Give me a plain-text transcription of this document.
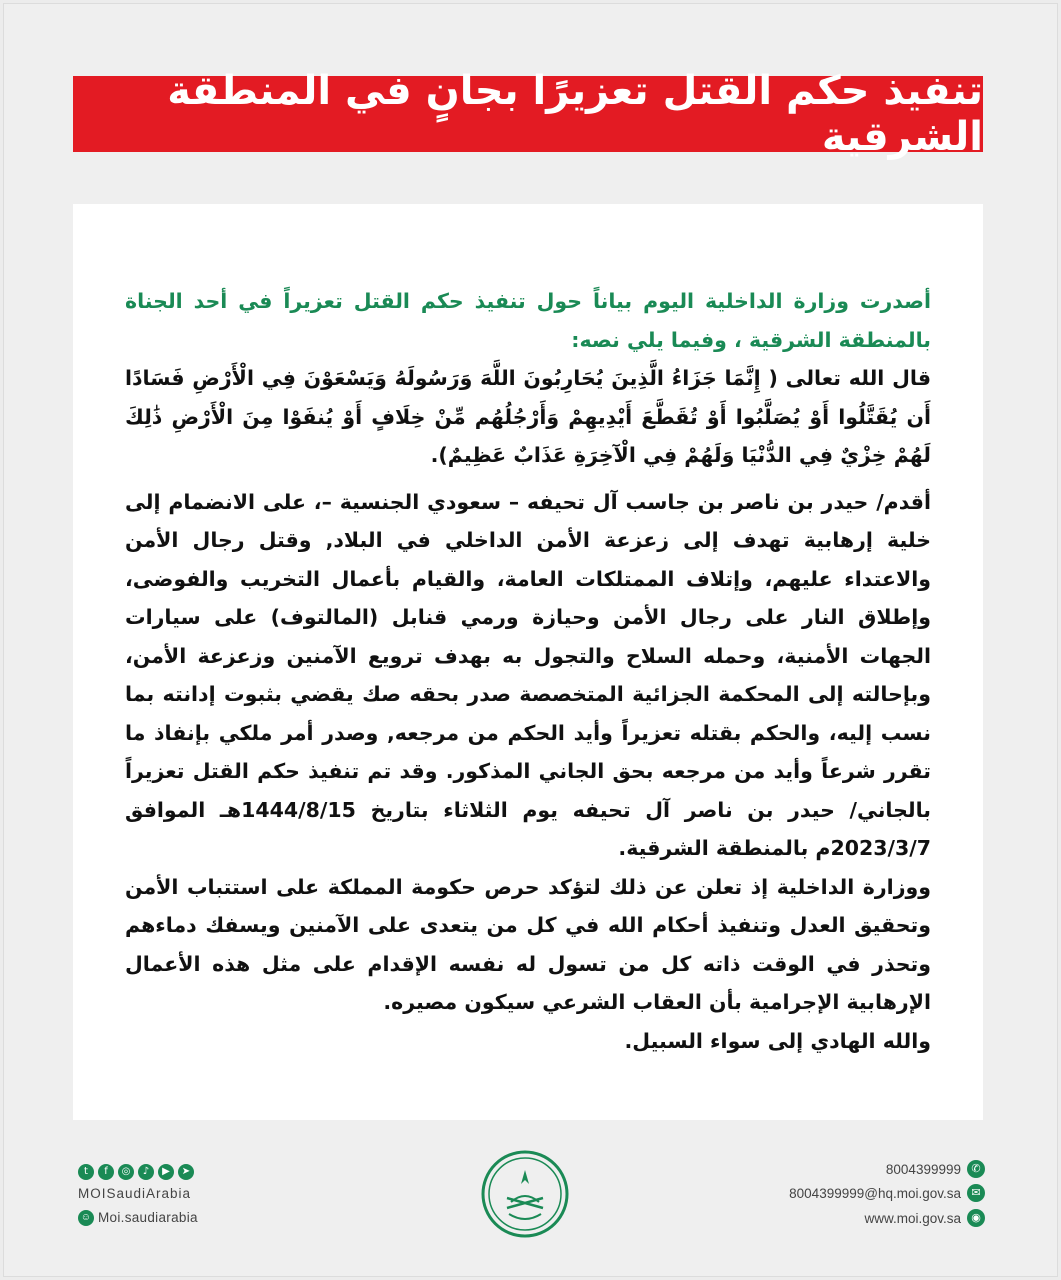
تنفيذ حكم القتل تعزيرًا بجانٍ في المنطقة الشرقية

أصدرت وزارة الداخلية اليوم بياناً حول تنفيذ حكم القتل تعزيراً في أحد الجناة بالمنطقة الشرقية ، وفيما يلي نصه:

قال الله تعالى ( إِنَّمَا جَزَاءُ الَّذِينَ يُحَارِبُونَ اللَّهَ وَرَسُولَهُ وَيَسْعَوْنَ فِي الْأَرْضِ فَسَادًا أَن يُقَتَّلُوا أَوْ يُصَلَّبُوا أَوْ تُقَطَّعَ أَيْدِيهِمْ وَأَرْجُلُهُم مِّنْ خِلَافٍ أَوْ يُنفَوْا مِنَ الْأَرْضِ ذَٰلِكَ لَهُمْ خِزْيٌ فِي الدُّنْيَا وَلَهُمْ فِي الْآخِرَةِ عَذَابٌ عَظِيمٌ).

أقدم/ حيدر بن ناصر بن جاسب آل تحيفه – سعودي الجنسية –، على الانضمام إلى خلية إرهابية تهدف إلى زعزعة الأمن الداخلي في البلاد, وقتل رجال الأمن والاعتداء عليهم، وإتلاف الممتلكات العامة، والقيام بأعمال التخريب والفوضى، وإطلاق النار على رجال الأمن وحيازة ورمي قنابل (المالتوف) على سيارات الجهات الأمنية، وحمله السلاح والتجول به بهدف ترويع الآمنين وزعزعة الأمن، وبإحالته إلى المحكمة الجزائية المتخصصة صدر بحقه صك يقضي بثبوت إدانته بما نسب إليه، والحكم بقتله تعزيراً وأيد الحكم من مرجعه, وصدر أمر ملكي بإنفاذ ما تقرر شرعاً وأيد من مرجعه بحق الجاني المذكور. وقد تم تنفيذ حكم القتل تعزيراً بالجاني/ حيدر بن ناصر آل تحيفه يوم الثلاثاء بتاريخ 1444/8/15هـ الموافق 2023/3/7م بالمنطقة الشرقية.

ووزارة الداخلية إذ تعلن عن ذلك لتؤكد حرص حكومة المملكة على استتباب الأمن وتحقيق العدل وتنفيذ أحكام الله في كل من يتعدى على الآمنين ويسفك دماءهم وتحذر في الوقت ذاته كل من تسول له نفسه الإقدام على مثل هذه الأعمال الإرهابية الإجرامية بأن العقاب الشرعي سيكون مصيره.

والله الهادي إلى سواء السبيل.

t	f	◎	♪	▶	➤
MOISaudiArabia
☺ Moi.saudiarabia
8004399999 ✆
8004399999@hq.moi.gov.sa ✉
www.moi.gov.sa ◉
